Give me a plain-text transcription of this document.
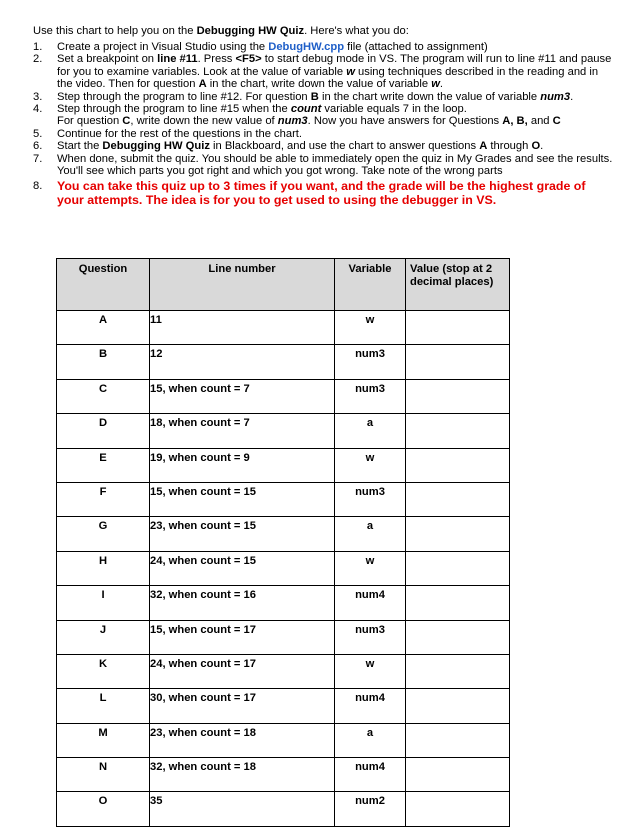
Use this chart to help you on the Debugging HW Quiz. Here's what you do:
1. Create a project in Visual Studio using the DebugHW.cpp file (attached to assignment)
2. Set a breakpoint on line #11. Press <F5> to start debug mode in VS. The program will run to line #11 and pause for you to examine variables. Look at the value of variable w using techniques described in the reading and in the video. Then for question A in the chart, write down the value of variable w.
3. Step through the program to line #12. For question B in the chart write down the value of variable num3.
4. Step through the program to line #15 when the count variable equals 7 in the loop.
For question C, write down the new value of num3. Now you have answers for Questions A, B, and C
5. Continue for the rest of the questions in the chart.
6. Start the Debugging HW Quiz in Blackboard, and use the chart to answer questions A through O.
7. When done, submit the quiz. You should be able to immediately open the quiz in My Grades and see the results. You'll see which parts you got right and which you got wrong. Take note of the wrong parts
8. You can take this quiz up to 3 times if you want, and the grade will be the highest grade of your attempts. The idea is for you to get used to using the debugger in VS.
Question	Line number	Variable	Value (stop at 2 decimal places)
A	11	w	
B	12	num3	
C	15, when count = 7	num3	
D	18, when count = 7	a	
E	19, when count = 9	w	
F	15, when count = 15	num3	
G	23, when count = 15	a	
H	24, when count = 15	w	
I	32, when count = 16	num4	
J	15, when count = 17	num3	
K	24, when count = 17	w	
L	30, when count = 17	num4	
M	23, when count = 18	a	
N	32, when count = 18	num4	
O	35	num2	
